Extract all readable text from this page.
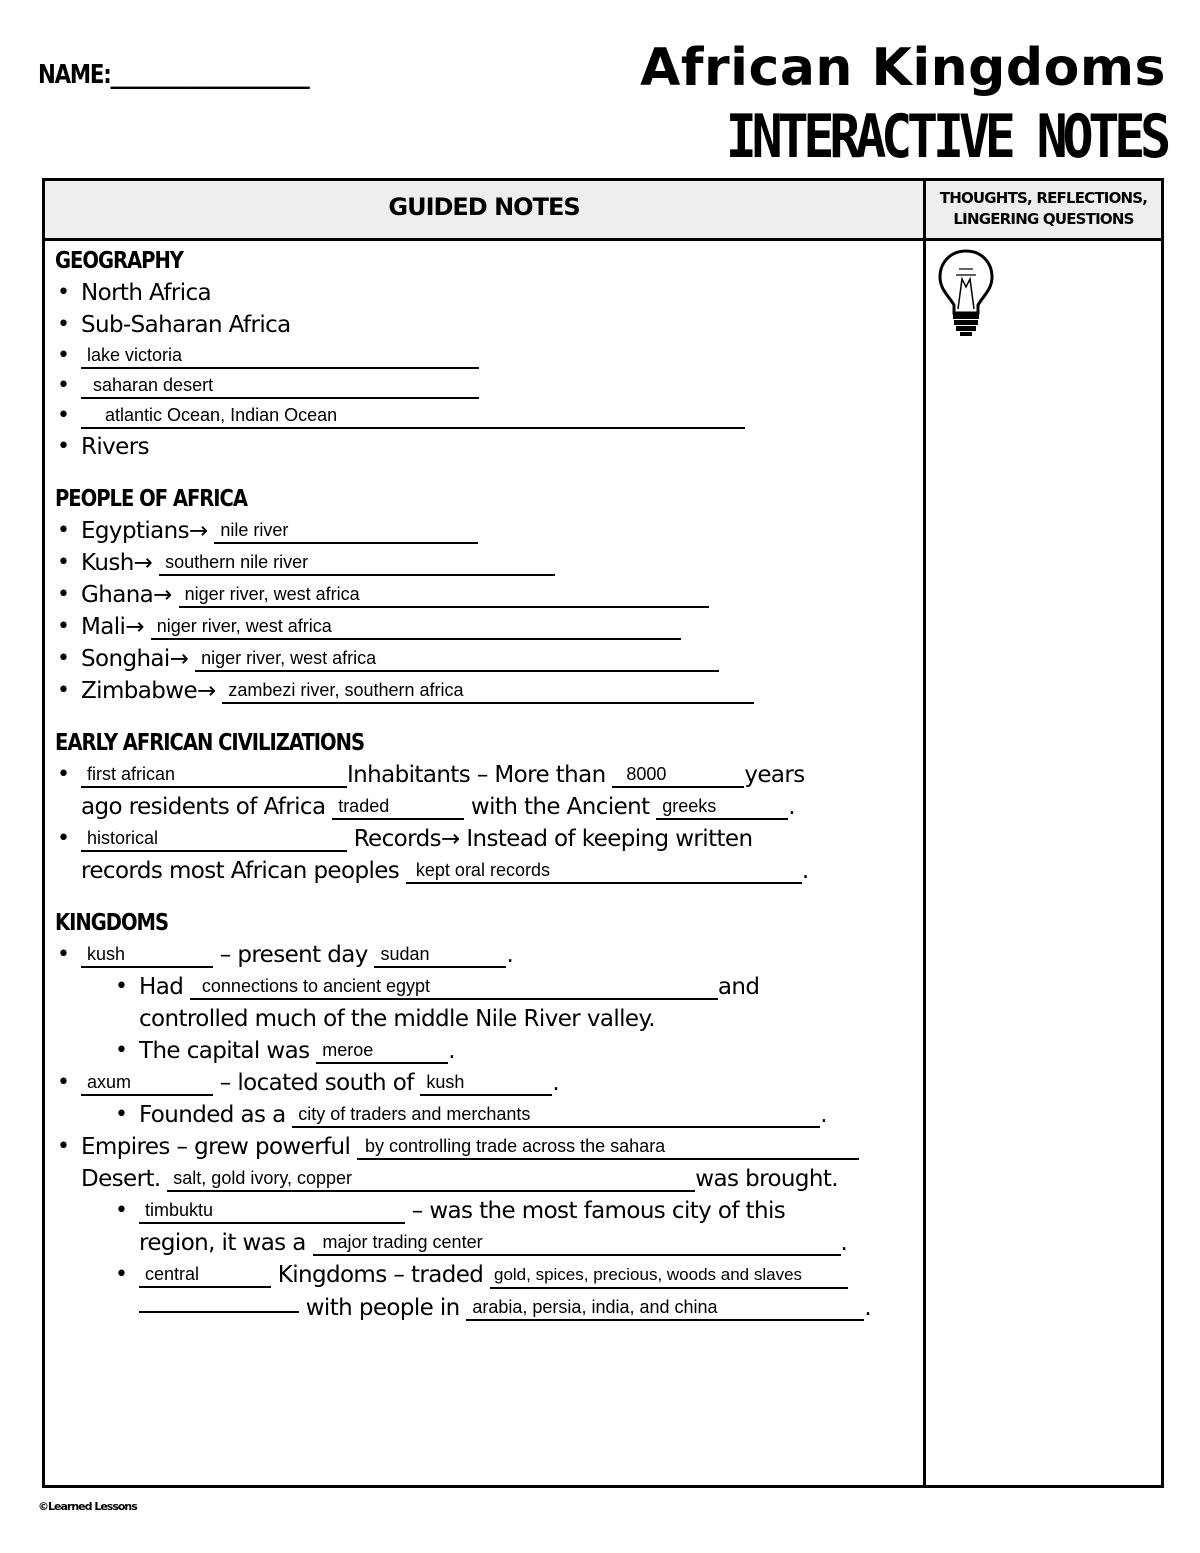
NAME:_____________________	African Kingdoms
INTERACTIVE NOTES
GUIDED NOTES	THOUGHTS, REFLECTIONS,
LINGERING QUESTIONS
GEOGRAPHY
• North Africa
• Sub-Saharan Africa
• lake victoria
•	saharan desert
•	atlantic Ocean, Indian Ocean
• Rivers
PEOPLE OF AFRICA
• Egyptians→ nile river
• Kush→ southern nile river
• Ghana→ niger river, west africa
• Mali→ niger river, west africa
• Songhai→ niger river, west africa
• Zimbabwe→ zambezi river, southern africa
EARLY AFRICAN CIVILIZATIONS
• first african	Inhabitants – More than 8000	years
ago residents of Africa traded	with the Ancient greeks	.
• historical	Records→ Instead of keeping written
records most African peoples kept oral records	.
KINGDOMS
• kush	– present day sudan	.
• Had connections to ancient egypt	and
controlled much of the middle Nile River valley.
• The capital was meroe	.
• axum	– located south of kush	.
• Founded as a city of traders and merchants	.
• Empires – grew powerful by controlling trade across the sahara
Desert. salt, gold ivory, copper	was brought.
• timbuktu	– was the most famous city of this
region, it was a major trading center	.
• central	Kingdoms – traded gold, spices, precious, woods and slaves
with people in arabia, persia, india, and china	.
©Learned Lessons
